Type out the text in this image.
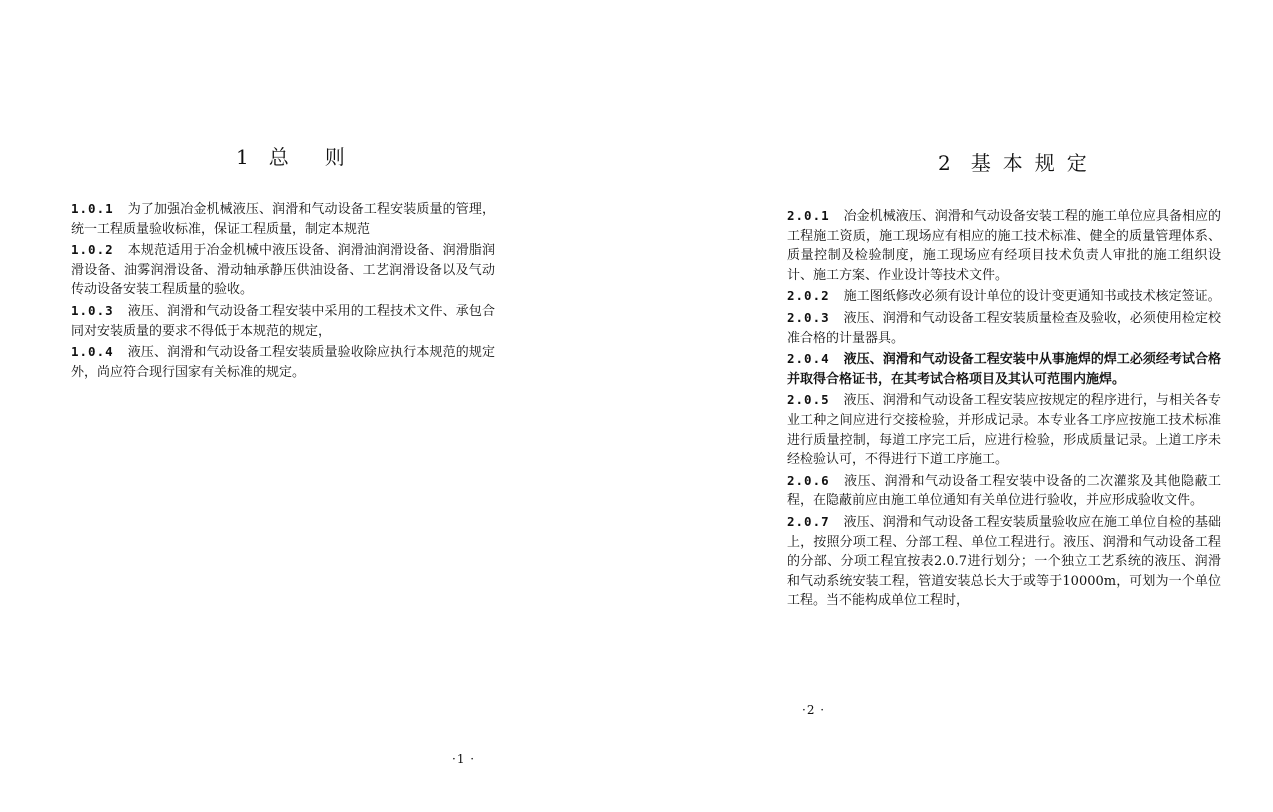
1 总则

1.0.1 为了加强冶金机械液压、润滑和气动设备工程安装质量的管理，统一工程质量验收标准，保证工程质量，制定本规范

1.0.2 本规范适用于冶金机械中液压设备、润滑油润滑设备、润滑脂润滑设备、油雾润滑设备、滑动轴承静压供油设备、工艺润滑设备以及气动传动设备安装工程质量的验收。

1.0.3 液压、润滑和气动设备工程安装中采用的工程技术文件、承包合同对安装质量的要求不得低于本规范的规定，

1.0.4 液压、润滑和气动设备工程安装质量验收除应执行本规范的规定外，尚应符合现行国家有关标准的规定。

·1 ·
2 基本规定

2.0.1 冶金机械液压、润滑和气动设备安装工程的施工单位应具备相应的工程施工资质，施工现场应有相应的施工技术标准、健全的质量管理体系、质量控制及检验制度，施工现场应有经项目技术负责人审批的施工组织设计、施工方案、作业设计等技术文件。

2.0.2 施工图纸修改必须有设计单位的设计变更通知书或技术核定签证。

2.0.3 液压、润滑和气动设备工程安装质量检查及验收，必须使用检定校准合格的计量器具。

2.0.4 液压、润滑和气动设备工程安装中从事施焊的焊工必须经考试合格并取得合格证书，在其考试合格项目及其认可范围内施焊。

2.0.5 液压、润滑和气动设备工程安装应按规定的程序进行，与相关各专业工种之间应进行交接检验，并形成记录。本专业各工序应按施工技术标准进行质量控制，每道工序完工后，应进行检验，形成质量记录。上道工序未经检验认可，不得进行下道工序施工。

2.0.6 液压、润滑和气动设备工程安装中设备的二次灌浆及其他隐蔽工程，在隐蔽前应由施工单位通知有关单位进行验收，并应形成验收文件。

2.0.7 液压、润滑和气动设备工程安装质量验收应在施工单位自检的基础上，按照分项工程、分部工程、单位工程进行。液压、润滑和气动设备工程的分部、分项工程宜按表2.0.7进行划分；一个独立工艺系统的液压、润滑和气动系统安装工程，管道安装总长大于或等于10000m，可划为一个单位工程。当不能构成单位工程时，

·2 ·
